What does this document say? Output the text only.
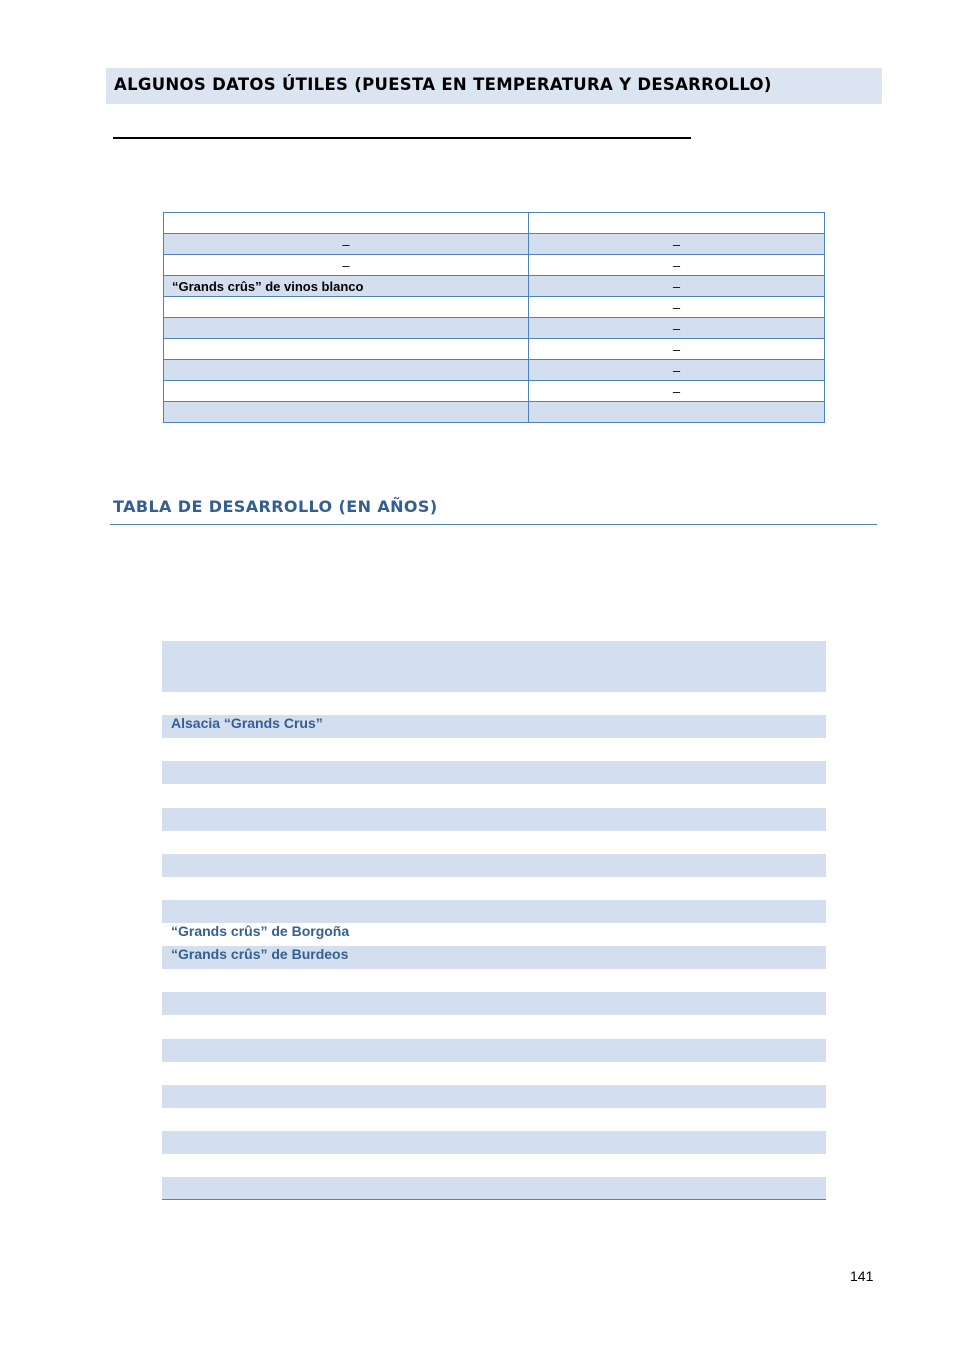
ALGUNOS DATOS ÚTILES (PUESTA EN TEMPERATURA Y DESARROLLO)

–	–
–	–
“Grands crûs” de vinos blanco	–
	–
	–
	–
	–
	–

TABLA DE DESARROLLO (EN AÑOS)
Alsacia “Grands Crus”
“Grands crûs” de Borgoña
“Grands crûs” de Burdeos
141
